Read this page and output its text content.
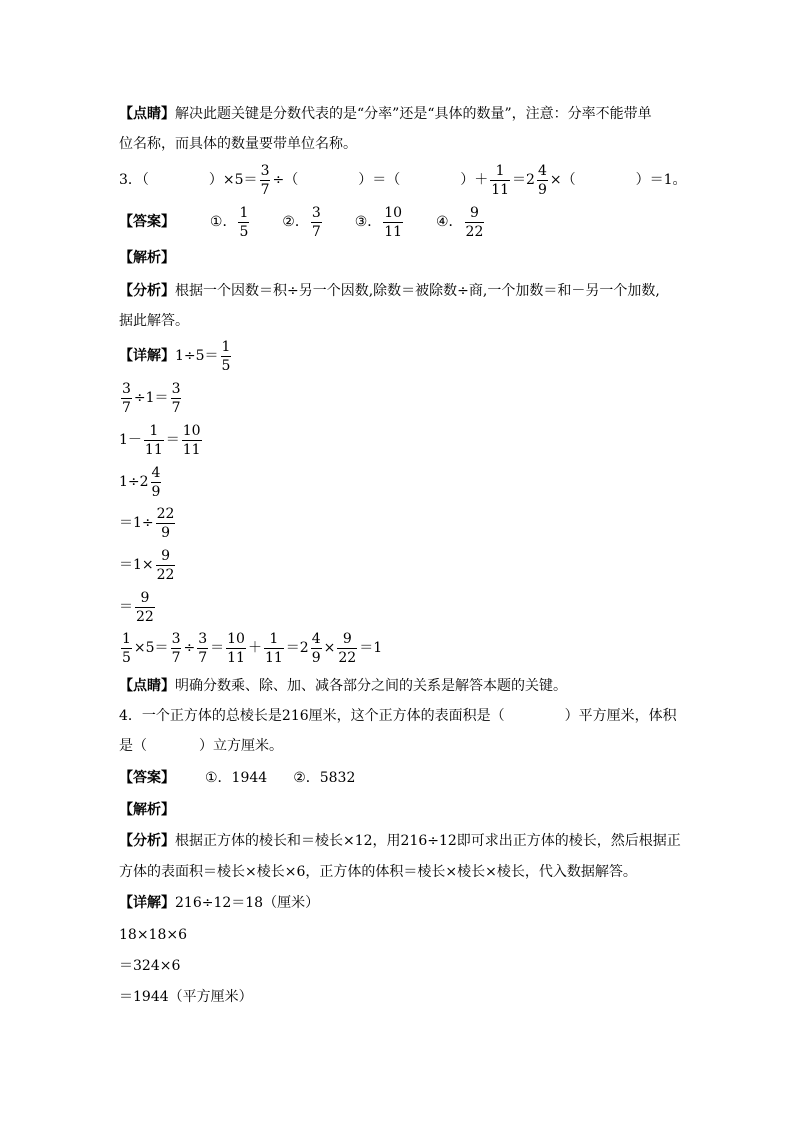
【点睛】解决此题关键是分数代表的是“分率”还是“具体的数量”，注意：分率不能带单
位名称，而具体的数量要带单位名称。
3．（	）$\times 5= \frac{3}{7}$ ÷（	）＝（	）＋ $\frac{1}{11} =2 \frac{4}{9}$ ×（	）＝1。
【答案】 ①． $\frac{1}{5}$ ②． $\frac{3}{7}$ ③． $\frac{10}{11}$ ④． $\frac{9}{22}$
【解析】
【分析】根据一个因数＝积÷另一个因数,除数＝被除数÷商,一个加数＝和－另一个加数,
据此解答。
【详解】$1\div 5= \frac{1}{5}$
$\frac{3}{7} \div 1= \frac{3}{7}$
$1- \frac{1}{11} = \frac{10}{11}$
$1\div 2 \frac{4}{9}$
$=1\div \frac{22}{9}$
$=1\times \frac{9}{22}$
＝ $\frac{9}{22}$
$\frac{1}{5} \times 5= \frac{3}{7} \div \frac{3}{7} = \frac{10}{11} + \frac{1}{11} =2 \frac{4}{9} \times \frac{9}{22} =1$
【点睛】明确分数乘、除、加、减各部分之间的关系是解答本题的关键。
4．一个正方体的总棱长是216厘米，这个正方体的表面积是（	）平方厘米，体积
是（	）立方厘米。
【答案】 ①．1944 ②．5832
【解析】
【分析】根据正方体的棱长和＝棱长×12，用216÷12即可求出正方体的棱长，然后根据正
方体的表面积＝棱长×棱长×6，正方体的体积＝棱长×棱长×棱长，代入数据解答。
【详解】216÷12＝18（厘米）
18×18×6
＝324×6
＝1944（平方厘米）
